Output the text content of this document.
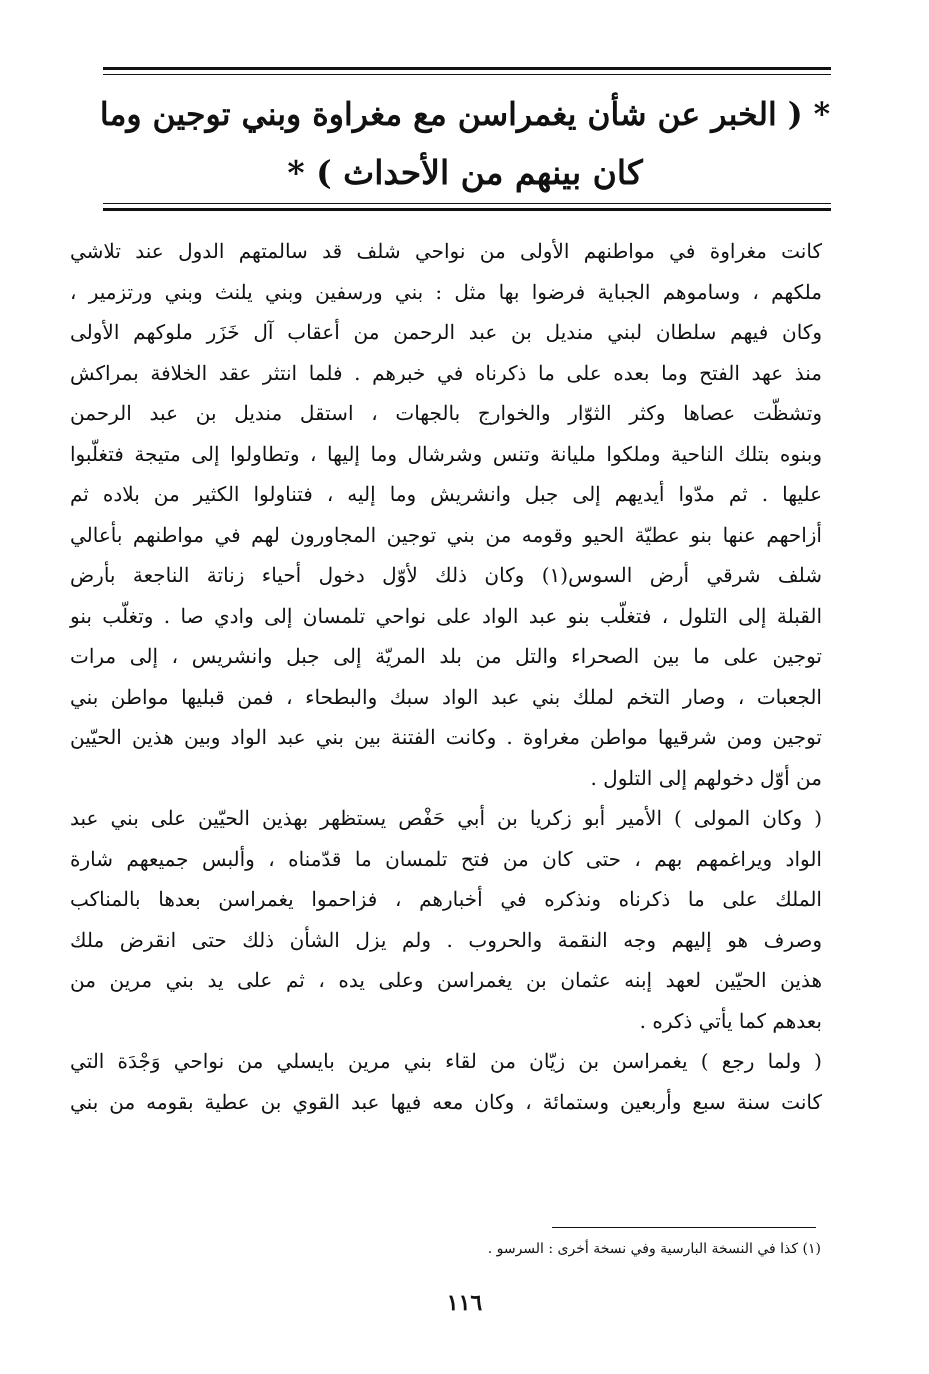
* ( الخبر عن شأن يغمراسن مع مغراوة وبني توجين وما
كان بينهم من الأحداث ) *
كانت مغراوة في مواطنهم الأولى من نواحي شلف قد سالمتهم الدول عند تلاشي
ملكهم ، وساموهم الجباية فرضوا بها مثل : بني ورسفين وبني يلنث وبني ورتزمير ،
وكان فيهم سلطان لبني منديل بن عبد الرحمن من أعقاب آل خَزَر ملوكهم الأولى
منذ عهد الفتح وما بعده على ما ذكرناه في خبرهم . فلما انتثر عقد الخلافة بمراكش
وتشظّت عصاها وكثر الثوّار والخوارج بالجهات ، استقل منديل بن عبد الرحمن
وبنوه بتلك الناحية وملكوا مليانة وتنس وشرشال وما إليها ، وتطاولوا إلى متيجة فتغلّبوا
عليها . ثم مدّوا أيديهم إلى جبل وانشريش وما إليه ، فتناولوا الكثير من بلاده ثم
أزاحهم عنها بنو عطيّة الحيو وقومه من بني توجين المجاورون لهم في مواطنهم بأعالي
شلف شرقي أرض السوس(١) وكان ذلك لأوّل دخول أحياء زناتة الناجعة بأرض
القبلة إلى التلول ، فتغلّب بنو عبد الواد على نواحي تلمسان إلى وادي صا . وتغلّب بنو
توجين على ما بين الصحراء والتل من بلد المريّة إلى جبل وانشريس ، إلى مرات
الجعبات ، وصار التخم لملك بني عبد الواد سبك والبطحاء ، فمن قبليها مواطن بني
توجين ومن شرقيها مواطن مغراوة . وكانت الفتنة بين بني عبد الواد وبين هذين الحيّين
من أوّل دخولهم إلى التلول .
( وكان المولى ) الأمير أبو زكريا بن أبي حَفْص يستظهر بهذين الحيّين على بني عبد
الواد ويراغمهم بهم ، حتى كان من فتح تلمسان ما قدّمناه ، وألبس جميعهم شارة
الملك على ما ذكرناه ونذكره في أخبارهم ، فزاحموا يغمراسن بعدها بالمناكب
وصرف هو إليهم وجه النقمة والحروب . ولم يزل الشأن ذلك حتى انقرض ملك
هذين الحيّين لعهد إبنه عثمان بن يغمراسن وعلى يده ، ثم على يد بني مرين من
بعدهم كما يأتي ذكره .
( ولما رجع ) يغمراسن بن زيّان من لقاء بني مرين بايسلي من نواحي وَجْدَة التي
كانت سنة سبع وأربعين وستمائة ، وكان معه فيها عبد القوي بن عطية بقومه من بني
(١) كذا في النسخة البارسية وفي نسخة أخرى : السرسو .
١١٦
